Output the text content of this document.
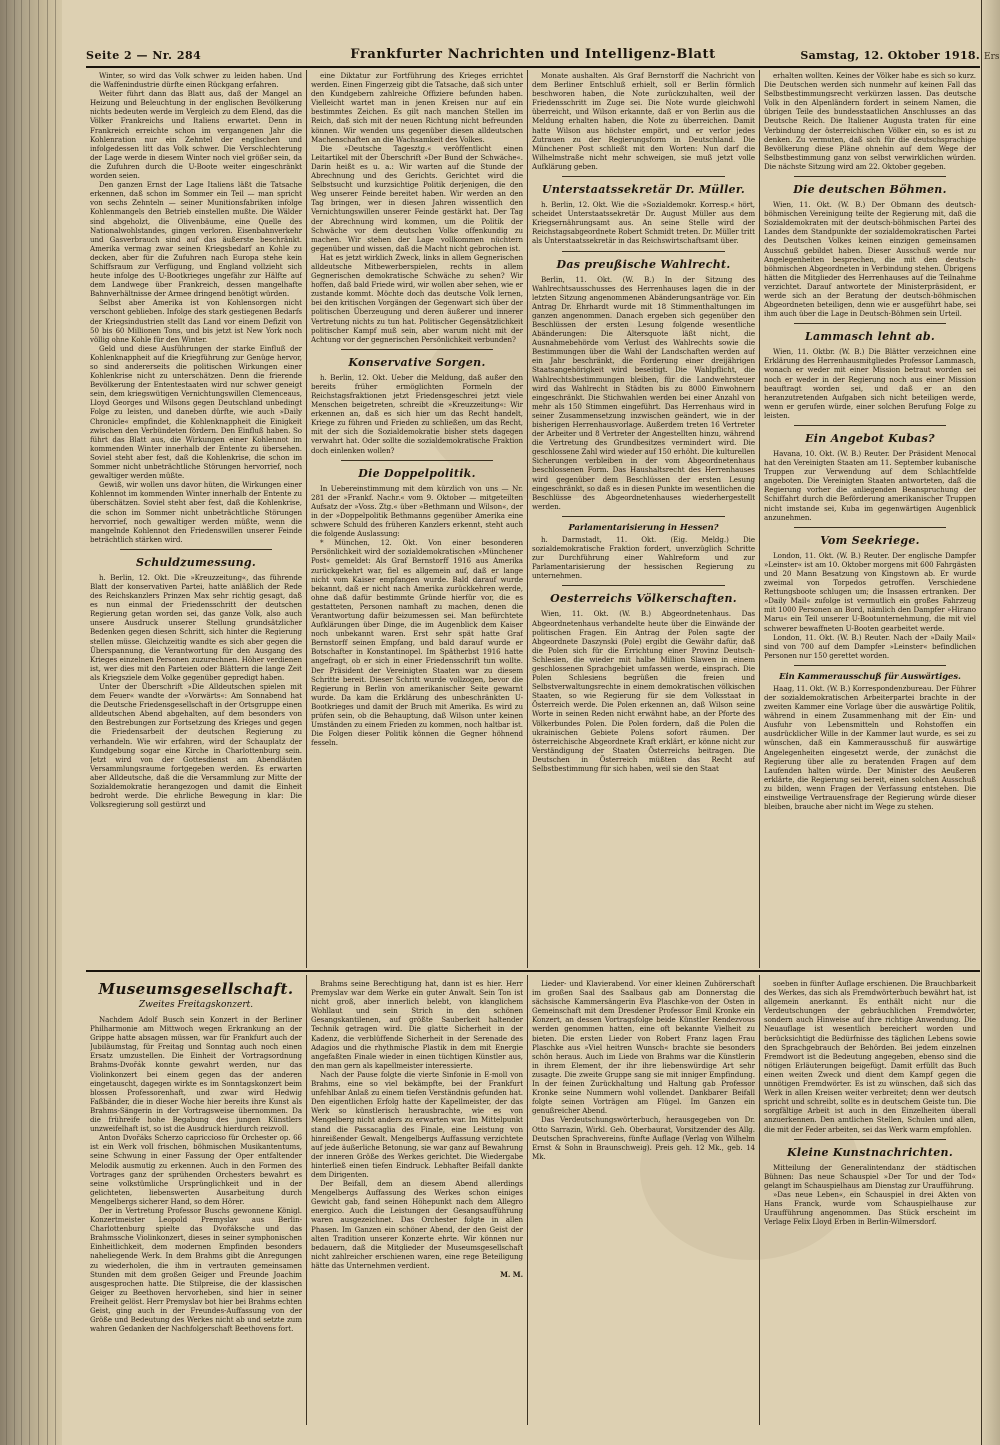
Ers
Seite 2 — Nr. 284	Frankfurter Nachrichten und Intelligenz-Blatt	Samstag, 12. Oktober 1918.

Winter, so wird das Volk schwer zu leiden haben. Und die Waffenindustrie dürfte einen Rückgang erfahren.

Weiter führt dann das Blatt aus, daß der Mangel an Heizung und Beleuchtung in der englischen Bevölkerung nichts bedeuten werde im Vergleich zu dem Elend, das die Völker Frankreichs und Italiens erwartet. Denn in Frankreich erreichte schon im vergangenen Jahr die Kohlenration nur ein Zehntel der englischen und infolgedessen litt das Volk schwer. Die Verschlechterung der Lage werde in diesem Winter noch viel größer sein, da die Zufuhren durch die U-Boote weiter eingeschränkt worden seien.

Den ganzen Ernst der Lage Italiens läßt die Tatsache erkennen, daß schon im Sommer ein Teil — man spricht von sechs Zehnteln — seiner Munitionsfabriken infolge Kohlenmangels den Betrieb einstellen mußte. Die Wälder sind abgeholzt, die Olivenbäume, eine Quelle des Nationalwohlstandes, gingen verloren. Eisenbahnverkehr und Gasverbrauch sind auf das äußerste beschränkt. Amerika vermag zwar seinen Kriegsbedarf an Kohle zu decken, aber für die Zufuhren nach Europa stehe kein Schiffsraum zur Verfügung, und England vollzieht sich heute infolge des U-Bootkrieges ungefähr zur Hälfte auf dem Landwege über Frankreich, dessen mangelhafte Bahnverhältnisse der Armee dringend benötigt würden.

Selbst aber Amerika ist von Kohlensorgen nicht verschont geblieben. Infolge des stark gestiegenen Bedarfs der Kriegsindustrien stellt das Land vor einem Defizit von 50 bis 60 Millionen Tons, und bis jetzt ist New York noch völlig ohne Kohle für den Winter.

Geld und diese Ausführungen der starke Einfluß der Kohlenknappheit auf die Kriegführung zur Genüge hervor, so sind andererseits die politischen Wirkungen einer Kohlenkrise nicht zu unterschätzen. Denn die frierende Bevölkerung der Ententestaaten wird nur schwer geneigt sein, dem kriegswütigen Vernichtungswillen Clemenceaus, Lloyd Georges und Wilsons gegen Deutschland unbedingt Folge zu leisten, und daneben dürfte, wie auch »Daily Chronicle« empfindet, die Kohlenknappheit die Einigkeit zwischen den Verbündeten fördern. Den Einfluß haben. So führt das Blatt aus, die Wirkungen einer Kohlennot im kommenden Winter innerhalb der Entente zu übersehen. Soviel steht aber fest, daß die Kohlenkrise, die schon im Sommer nicht unbeträchtliche Störungen hervorrief, noch gewaltiger werden müßte.

Gewiß, wir wollen uns davor hüten, die Wirkungen einer Kohlennot im kommenden Winter innerhalb der Entente zu überschätzen. Soviel steht aber fest, daß die Kohlenkrise, die schon im Sommer nicht unbeträchtliche Störungen hervorrief, noch gewaltiger werden müßte, wenn die mangelnde Kohlennot den Friedenswillen unserer Feinde beträchtlich stärken wird.

Schuldzumessung.

h. Berlin, 12. Okt. Die »Kreuzzeitung«, das führende Blatt der konservativen Partei, hatte anläßlich der Rede des Reichskanzlers Prinzen Max sehr richtig gesagt, daß es nun einmal der Friedensschritt der deutschen Regierung getan worden sei, das ganze Volk, also auch unsere Ausdruck unserer Stellung grundsätzlicher Bedenken gegen diesen Schritt, sich hinter die Regierung stellen müsse. Gleichzeitig wandte es sich aber gegen die Überspannung, die Verantwortung für den Ausgang des Krieges einzelnen Personen zuzurechnen. Höher verdienen ist, wer dies mit den Parteien oder Blättern die lange Zeit als Kriegsziele dem Volke gegenüber gepredigt haben.

Unter der Überschrift »Die Alldeutschen spielen mit dem Feuer« wandte der »Vorwärts«: Am Sonnabend hat die Deutsche Friedensgesellschaft in der Ortsgruppe einen alldeutschen Abend abgehalten, auf dem besonders von den Bestrebungen zur Fortsetzung des Krieges und gegen die Friedensarbeit der deutschen Regierung zu verhandeln. Wie wir erfahren, wird der Schauplatz der Kundgebung sogar eine Kirche in Charlottenburg sein. Jetzt wird von der Gottesdienst am Abendläuten Versammlungsraume fortgegeben werden. Es erwarten aber Alldeutsche, daß die die Versammlung zur Mitte der Sozialdemokratie herangezogen und damit die Einheit bedroht werde. Die ehrliche Bewegung in klar: Die Volksregierung soll gestürzt und

eine Diktatur zur Fortführung des Krieges errichtet werden. Einen Fingerzeig gibt die Tatsache, daß sich unter den Kundgebern zahlreiche Offiziere befunden haben. Vielleicht wartet man in jenen Kreisen nur auf ein bestimmtes Zeichen. Es gilt nach manchen Stellen im Reich, daß sich mit der neuen Richtung nicht befreunden können. Wir wenden uns gegenüber diesen alldeutschen Machenschaften an die Wachsamkeit des Volkes.

Die »Deutsche Tagesztg.« veröffentlicht einen Leitartikel mit der Überschrift »Der Bund der Schwäche«. Darin heißt es u. a.: Wir warten auf die Stunde der Abrechnung und des Gerichts. Gerichtet wird die Selbstsucht und kurzsichtige Politik derjenigen, die den Weg unserer Feinde bereitet haben. Wir werden an den Tag bringen, wer in diesen Jahren wissentlich den Vernichtungswillen unserer Feinde gestärkt hat. Der Tag der Abrechnung wird kommen, um die Politik der Schwäche vor dem deutschen Volke offenkundig zu machen. Wir stehen der Lage vollkommen nüchtern gegenüber und wissen, daß die Macht nicht gebrochen ist.

Hat es jetzt wirklich Zweck, links in allem Gegnerischen alldeutsche Mitbewerberspielen, rechts in allem Gegnerischen demokratische Schwäche zu sehen? Wir hoffen, daß bald Friede wird, wir wollen aber sehen, wie er zustande kommt. Möchte doch das deutsche Volk lernen, bei den kritischen Vorgängen der Gegenwart sich über der politischen Überzeugung und deren äußerer und innerer Vertretung nichts zu tun hat. Politischer Gegensätzlichkeit politischer Kampf muß sein, aber warum nicht mit der Achtung vor der gegnerischen Persönlichkeit verbunden?

Konservative Sorgen.

h. Berlin, 12. Okt. Ueber die Meldung, daß außer den bereits früher ermöglichten Formeln der Reichstagsfraktionen jetzt Friedensgeschrei jetzt viele Menschen beigetreten, schreibt die »Kreuzzeitung«: Wir erkennen an, daß es sich hier um das Recht handelt, Kriege zu führen und Frieden zu schließen, um das Recht, mit der sich die Sozialdemokratie bisher stets dagegen verwahrt hat. Oder sollte die sozialdemokratische Fraktion doch einlenken wollen?

Die Doppelpolitik.

In Uebereinstimmung mit dem kürzlich von uns — Nr. 281 der »Frankf. Nachr.« vom 9. Oktober — mitgeteilten Aufsatz der »Voss. Ztg.« über »Bethmann und Wilson«, der in der »Doppelpolitik Bethmanns gegenüber Amerika eine schwere Schuld des früheren Kanzlers erkennt, steht auch die folgende Auslassung:

* München, 12. Okt. Von einer besonderen Persönlichkeit wird der sozialdemokratischen »Münchener Post« gemeldet: Als Graf Bernstorff 1916 aus Amerika zurückgekehrt war, fiel es allgemein auf, daß er lange nicht vom Kaiser empfangen wurde. Bald darauf wurde bekannt, daß er nicht nach Amerika zurückkehren werde, ohne daß dafür bestimmte Gründe hierfür vor, die es gestatteten, Personen namhaft zu machen, denen die Verantwortung dafür beizumessen sei. Man befürchtete Aufklärungen über Dinge, die im Augenblick dem Kaiser noch unbekannt waren. Erst sehr spät hatte Graf Bernstorff seinen Empfang, und bald darauf wurde er Botschafter in Konstantinopel. Im Spätherbst 1916 hatte angefragt, ob er sich in einer Friedensschrift tun wollte. Der Präsident der Vereinigten Staaten war zu diesem Schritte bereit. Dieser Schritt wurde vollzogen, bevor die Regierung in Berlin von amerikanischer Seite gewarnt wurde. Da kam die Erklärung des unbeschränkten U-Bootkrieges und damit der Bruch mit Amerika. Es wird zu prüfen sein, ob die Behauptung, daß Wilson unter keinen Umständen zu einem Frieden zu kommen, noch haltbar ist. Die Folgen dieser Politik können die Gegner höhnend fesseln.

Monate aushalten. Als Graf Bernstorff die Nachricht von dem Berliner Entschluß erhielt, soll er Berlin förmlich beschworen haben, die Note zurückzuhalten, weil der Friedensschritt im Zuge sei. Die Note wurde gleichwohl überreicht, und Wilson erkannte, daß er von Berlin aus die Meldung erhalten haben, die Note zu überreichen. Damit hatte Wilson aus höchster empört, und er verlor jedes Zutrauen zu der Regierungsform in Deutschland. Die Münchener Post schließt mit den Worten: Nun darf die Wilhelmstraße nicht mehr schweigen, sie muß jetzt volle Aufklärung geben.

Unterstaatssekretär Dr. Müller.

h. Berlin, 12. Okt. Wie die »Sozialdemokr. Korresp.« hört, scheidet Unterstaatssekretär Dr. August Müller aus dem Kriegsernährungsamt aus. An seine Stelle wird der Reichstagsabgeordnete Robert Schmidt treten. Dr. Müller tritt als Unterstaatssekretär in das Reichswirtschaftsamt über.

Das preußische Wahlrecht.

Berlin, 11. Okt. (W. B.) In der Sitzung des Wahlrechtsausschusses des Herrenhauses lagen die in der letzten Sitzung angenommenen Abänderungsanträge vor. Ein Antrag Dr. Ehrhardt wurde mit 18 Stimmenthaltungen im ganzen angenommen. Danach ergeben sich gegenüber den Beschlüssen der ersten Lesung folgende wesentliche Abänderungen: Die Altersquote läßt nicht, die Ausnahmebehörde vom Verlust des Wahlrechts sowie die Bestimmungen über die Wahl der Landschaften werden auf ein Jahr beschränkt, die Forderung einer dreijährigen Staatsangehörigkeit wird beseitigt. Die Wahlpflicht, die Wahlrechtsbestimmungen bleiben, für die Landwehrsteuer wird das Wahlrecht in Städten bis zu 8000 Einwohnern eingeschränkt. Die Stichwahlen werden bei einer Anzahl von mehr als 150 Stimmen eingeführt. Das Herrenhaus wird in seiner Zusammensetzung inzwischen geändert, wie in der bisherigen Herrenhausvorlage. Außerdem treten 16 Vertreter der Arbeiter und 8 Vertreter der Angestellten hinzu, während die Vertretung des Grundbesitzes vermindert wird. Die geschlossene Zahl wird wieder auf 150 erhöht. Die kulturellen Sicherungen verbleiben in der vom Abgeordnetenhaus beschlossenen Form. Das Haushaltsrecht des Herrenhauses wird gegenüber dem Beschlüssen der ersten Lesung eingeschränkt, so daß es in diesen Punkte im wesentlichen die Beschlüsse des Abgeordnetenhauses wiederhergestellt werden.

Parlamentarisierung in Hessen?

h. Darmstadt, 11. Okt. (Eig. Meldg.) Die sozialdemokratische Fraktion fordert, unverzüglich Schritte zur Durchführung einer Wahlreform und zur Parlamentarisierung der hessischen Regierung zu unternehmen.

Oesterreichs Völkerschaften.

Wien, 11. Okt. (W. B.) Abgeordnetenhaus. Das Abgeordnetenhaus verhandelte heute über die Einwände der politischen Fragen. Ein Antrag der Polen sagte der Abgeordnete Daszynski (Pole) ergibt die Gewähr dafür, daß die Polen sich für die Errichtung einer Provinz Deutsch-Schlesien, die wieder mit halbe Million Slawen in einem geschlossenen Sprachgebiet umfassen werde, einsprach. Die Polen Schlesiens begrüßen die freien und Selbstverwaltungsrechte in einem demokratischen völkischen Staaten, so wie Regierung für sie dem Volksstaat in Österreich werde. Die Polen erkennen an, daß Wilson seine Worte in seinen Reden nicht erwähnt habe, an der Pforte des Völkerbundes Polen. Die Polen fordern, daß die Polen die ukrainischen Gebiete Polens sofort räumen. Der österreichische Abgeordnete Kraft erklärt, er könne nicht zur Verständigung der Staaten Österreichs beitragen. Die Deutschen in Österreich müßten das Recht auf Selbstbestimmung für sich haben, weil sie den Staat

erhalten wollten. Keines der Völker habe es sich so kurz. Die Deutschen werden sich nunmehr auf keinen Fall das Selbstbestimmungsrecht verkürzen lassen. Das deutsche Volk in den Alpenländern fordert in seinem Namen, die übrigen Teile des bundesstaatlichen Anschlusses an das Deutsche Reich. Die Italiener Augusta traten für eine Verbindung der österreichischen Völker ein, so es ist zu denken. Zu vermuten, daß sich für die deutschsprachige Bevölkerung diese Pläne ohnehin auf dem Wege der Selbstbestimmung ganz von selbst verwirklichen würden. Die nächste Sitzung wird am 22. Oktober gegeben.

Die deutschen Böhmen.

Wien, 11. Okt. (W. B.) Der Obmann des deutsch-böhmischen Vereinigung teilte der Regierung mit, daß die Sozialdemokraten mit der deutsch-böhmischen Partei des Landes dem Standpunkte der sozialdemokratischen Partei des Deutschen Volkes keinen einzigen gemeinsamen Ausschuß gebildet haben. Dieser Ausschuß werde nur Angelegenheiten besprechen, die mit den deutsch-böhmischen Abgeordneten in Verbindung stehen. Übrigens hätten die Mitglieder des Herrenhauses auf die Teilnahme verzichtet. Darauf antwortete der Ministerpräsident, er werde sich an der Beratung der deutsch-böhmischen Abgeordneten beteiligen, denn wie er ausgeführt habe, sei ihm auch über die Lage in Deutsch-Böhmen sein Urteil.

Lammasch lehnt ab.

Wien, 11. Oktbr. (W. B.) Die Blätter verzeichnen eine Erklärung des Herrenhausmitgliedes Professor Lammasch, wonach er weder mit einer Mission betraut worden sei noch er weder in der Regierung noch aus einer Mission beauftragt worden sei, und daß er an den heranzutretenden Aufgaben sich nicht beteiligen werde, wenn er gerufen würde, einer solchen Berufung Folge zu leisten.

Ein Angebot Kubas?

Havana, 10. Okt. (W. B.) Reuter. Der Präsident Menocal hat den Vereinigten Staaten am 11. September kubanische Truppen zur Verwendung auf dem Schlachtfelde angeboten. Die Vereinigten Staaten antworteten, daß die Regierung vorher die anliegenden Beanspruchung der Schiffahrt durch die Beförderung amerikanischer Truppen nicht imstande sei, Kuba im gegenwärtigen Augenblick anzunehmen.

Vom Seekriege.

London, 11. Okt. (W. B.) Reuter. Der englische Dampfer »Leinster« ist am 10. Oktober morgens mit 600 Fahrgästen und 20 Mann Besatzung von Kingstown ab. Er wurde zweimal von Torpedos getroffen. Verschiedene Rettungsboote schlugen um; die Insassen ertranken. Der »Daily Mail« zufolge ist vermutlich ein großes Fahrzeug mit 1000 Personen an Bord, nämlich den Dampfer »Hirano Maru« ein Teil unserer U-Bootunternehmung, die mit viel schwerer bewaffneten U-Booten gearbeitet werde.

London, 11. Okt. (W. B.) Reuter. Nach der »Daily Mail« sind von 700 auf dem Dampfer »Leinster« befindlichen Personen nur 150 gerettet worden.

Ein Kammerausschuß für Auswärtiges.

Haag, 11. Okt. (W. B.) Korrespondenzbureau. Der Führer der sozialdemokratischen Arbeiterpartei brachte in der zweiten Kammer eine Vorlage über die auswärtige Politik, während in einem Zusammenhang mit der Ein- und Ausfuhr von Lebensmitteln und Rohstoffen ein ausdrücklicher Wille in der Kammer laut wurde, es sei zu wünschen, daß ein Kammerausschuß für auswärtige Angelegenheiten eingesetzt werde, der zunächst die Regierung über alle zu beratenden Fragen auf dem Laufenden halten würde. Der Minister des Aeußeren erklärte, die Regierung sei bereit, einen solchen Ausschuß zu bilden, wenn Fragen der Verfassung entstehen. Die einstweilige Vertrauensfrage der Regierung würde dieser bleiben, brauche aber nicht im Wege zu stehen.

Museumsgesellschaft.
Zweites Freitagskonzert.

Nachdem Adolf Busch sein Konzert in der Berliner Philharmonie am Mittwoch wegen Erkrankung an der Grippe hatte absagen müssen, war für Frankfurt auch der Jubiläumstag, für Freitag und Sonntag auch noch einen Ersatz umzustellen. Die Einheit der Vortragsordnung Brahms-Dvořák konnte gewahrt werden, nur das Violinkonzert bei einem gegen das der anderen eingetauscht, dagegen wirkte es im Sonntagskonzert beim blossen Professorenhaft, und zwar wird Hedwig Faßbänder, die in dieser Woche hier bereits ihre Kunst als Brahms-Sängerin in der Vortragsweise übernommen. Da die frühreife hohe Begabung des jungen Künstlers unzweifelhaft ist, so ist die Ausdruck hierdurch reizvoll.

Anton Dvořáks Scherzo capriccioso für Orchester op. 66 ist ein Werk voll frischen, böhmischen Musikantentums, seine Schwung in einer Fassung der Oper entfaltender Melodik ausmutig zu erkennen. Auch in den Formen des Vortrages ganz der sprühenden Orchesters bewahrt es seine volkstümliche Ursprünglichkeit und in der gelichteten, liebenswerten Ausarbeitung durch Mengelbergs sicherer Hand, so dem Hörer.

Der in Vertretung Professor Buschs gewonnene Königl. Konzertmeister Leopold Premyslav aus Berlin-Charlottenburg spielte das Dvořáksche und das Brahmssche Violinkonzert, dieses in seiner symphonischen Einheitlichkeit, dem modernen Empfinden besonders naheliegende Werk. In dem Brahms gibt die Anregungen zu wiederholen, die ihm in vertrauten gemeinsamen Stunden mit dem großen Geiger und Freunde Joachim ausgesprochen hatte. Die Stilpreise, die der klassischen Geiger zu Beethoven hervorheben, sind hier in seiner Freiheit gelöst. Herr Premyslav bot hier bei Brahms echten Geist, ging auch in der Freundes-Auffassung von der Größe und Bedeutung des Werkes nicht ab und setzte zum wahren Gedanken der Nachfolgerschaft Beethovens fort.

Brahms seine Berechtigung hat, dann ist es hier. Herr Premyslav war dem Werke ein guter Anwalt. Sein Ton ist nicht groß, aber innerlich belebt, von klanglichem Wohllaut und sein Strich in den schönen Gesangskantilenen, auf größte Sauberkeit haltender Technik getragen wird. Die glatte Sicherheit in der Kadenz, die verblüffende Sicherheit in der Serenade des Adagios und die rhythmische Plastik in dem mit Energie angefaßten Finale wieder in einen tüchtigen Künstler aus, den man gern als kapellmeister interessierte.

Nach der Pause folgte die vierte Sinfonie in E-moll von Brahms, eine so viel bekämpfte, bei der Frankfurt unfehlbar Anlaß zu einem tiefen Verständnis gefunden hat. Den eigentlichen Erfolg hatte der Kapellmeister, der das Werk so künstlerisch herausbrachte, wie es von Mengelberg nicht anders zu erwarten war. Im Mittelpunkt stand die Passacaglia des Finale, eine Leistung von hinreißender Gewalt. Mengelbergs Auffassung verzichtete auf jede äußerliche Betonung, sie war ganz auf Bewahrung der inneren Größe des Werkes gerichtet. Die Wiedergabe hinterließ einen tiefen Eindruck. Lebhafter Beifall dankte dem Dirigenten.

Der Beifall, dem an diesem Abend allerdings Mengelbergs Auffassung des Werkes schon einiges Gewicht gab, fand seinen Höhepunkt nach dem Allegro energico. Auch die Leistungen der Gesangsaufführung waren ausgezeichnet. Das Orchester folgte in allen Phasen. Im Ganzen ein schöner Abend, der den Geist der alten Tradition unserer Konzerte ehrte. Wir können nur bedauern, daß die Mitglieder der Museumsgesellschaft nicht zahlreicher erschienen waren, eine rege Beteiligung hätte das Unternehmen verdient.

M. M.

Lieder- und Klavierabend. Vor einer kleinen Zuhörerschaft im großen Saal des Saalbaus gab am Donnerstag die sächsische Kammersängerin Eva Plaschke-von der Osten in Gemeinschaft mit dem Dresdener Professor Emil Kronke ein Konzert, an dessen Vortragsfolge beide Künstler Rendezvous werden genommen hatten, eine oft bekannte Vielheit zu bieten. Die ersten Lieder von Robert Franz lagen Frau Plaschke aus »Viel heitren Wunsch« brachte sie besonders schön heraus. Auch im Liede von Brahms war die Künstlerin in ihrem Element, der ihr ihre liebenswürdige Art sehr zusagte. Die zweite Gruppe sang sie mit inniger Empfindung. In der feinen Zurückhaltung und Haltung gab Professor Kronke seine Nummern wohl vollendet. Dankbarer Beifall folgte seinen Vorträgen am Flügel. Im Ganzen ein genußreicher Abend.

Das Verdeutschungswörterbuch, herausgegeben von Dr. Otto Sarrazin, Wirkl. Geh. Oberbaurat, Vorsitzender des Allg. Deutschen Sprachvereins, fünfte Auflage (Verlag von Wilhelm Ernst & Sohn in Braunschweig). Preis geh. 12 Mk., geb. 14 Mk.

soeben in fünfter Auflage erschienen. Die Brauchbarkeit des Werkes, das sich als Fremdwörterbuch bewährt hat, ist allgemein anerkannt. Es enthält nicht nur die Verdeutschungen der gebräuchlichen Fremdwörter, sondern auch Hinweise auf ihre richtige Anwendung. Die Neuauflage ist wesentlich bereichert worden und berücksichtigt die Bedürfnisse des täglichen Lebens sowie den Sprachgebrauch der Behörden. Bei jedem einzelnen Fremdwort ist die Bedeutung angegeben, ebenso sind die nötigen Erläuterungen beigefügt. Damit erfüllt das Buch einen weiten Zweck und dient dem Kampf gegen die unnötigen Fremdwörter. Es ist zu wünschen, daß sich das Werk in allen Kreisen weiter verbreitet; denn wer deutsch spricht und schreibt, sollte es in deutschem Geiste tun. Die sorgfältige Arbeit ist auch in den Einzelheiten überall anzuerkennen. Den amtlichen Stellen, Schulen und allen, die mit der Feder arbeiten, sei das Werk warm empfohlen.

Kleine Kunstnachrichten.

Mitteilung der Generalintendanz der städtischen Bühnen: Das neue Schauspiel »Der Tor und der Tod« gelangt im Schauspielhaus am Dienstag zur Uraufführung.

»Das neue Leben«, ein Schauspiel in drei Akten von Hans Franck, wurde vom Schauspielhause zur Uraufführung angenommen. Das Stück erscheint im Verlage Felix Lloyd Erben in Berlin-Wilmersdorf.
